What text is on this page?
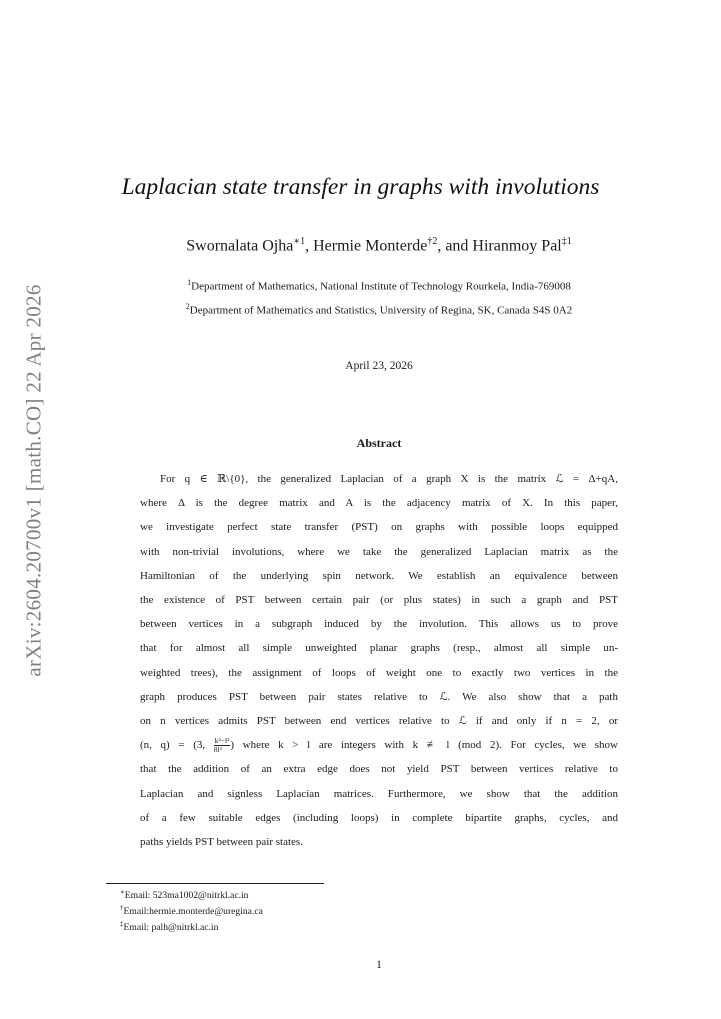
arXiv:2604.20700v1 [math.CO] 22 Apr 2026
Laplacian state transfer in graphs with involutions
Swornalata Ojha$^{∗1}$, Hermie Monterde$^{\dagger 2}$, and Hiranmoy Pal$^{\ddagger 1}$
$^1$Department of Mathematics, National Institute of Technology Rourkela, India-769008
$^2$Department of Mathematics and Statistics, University of Regina, SK, Canada S4S 0A2
April 23, 2026
Abstract
For q ∈ ℝ\{0}, the generalized Laplacian of a graph X is the matrix ℒ = Δ+qA,
where Δ is the degree matrix and A is the adjacency matrix of X. In this paper,
we investigate perfect state transfer (PST) on graphs with possible loops equipped
with non-trivial involutions, where we take the generalized Laplacian matrix as the
Hamiltonian of the underlying spin network. We establish an equivalence between
the existence of PST between certain pair (or plus states) in such a graph and PST
between vertices in a subgraph induced by the involution. This allows us to prove
that for almost all simple unweighted planar graphs (resp., almost all simple un-
weighted trees), the assignment of loops of weight one to exactly two vertices in the
graph produces PST between pair states relative to ℒ. We also show that a path
on n vertices admits PST between end vertices relative to ℒ if and only if n = 2, or
(n, q) = (3, $\frac{\text{k²−l²}}{\text{8l²}}$ ) where k > l are integers with k ≢ l (mod 2). For cycles, we show
that the addition of an extra edge does not yield PST between vertices relative to
Laplacian and signless Laplacian matrices. Furthermore, we show that the addition
of a few suitable edges (including loops) in complete bipartite graphs, cycles, and
paths yields PST between pair states.
∗Email: 523ma1002@nitrkl.ac.in
†Email:hermie.monterde@uregina.ca
‡Email: palh@nitrkl.ac.in
1
